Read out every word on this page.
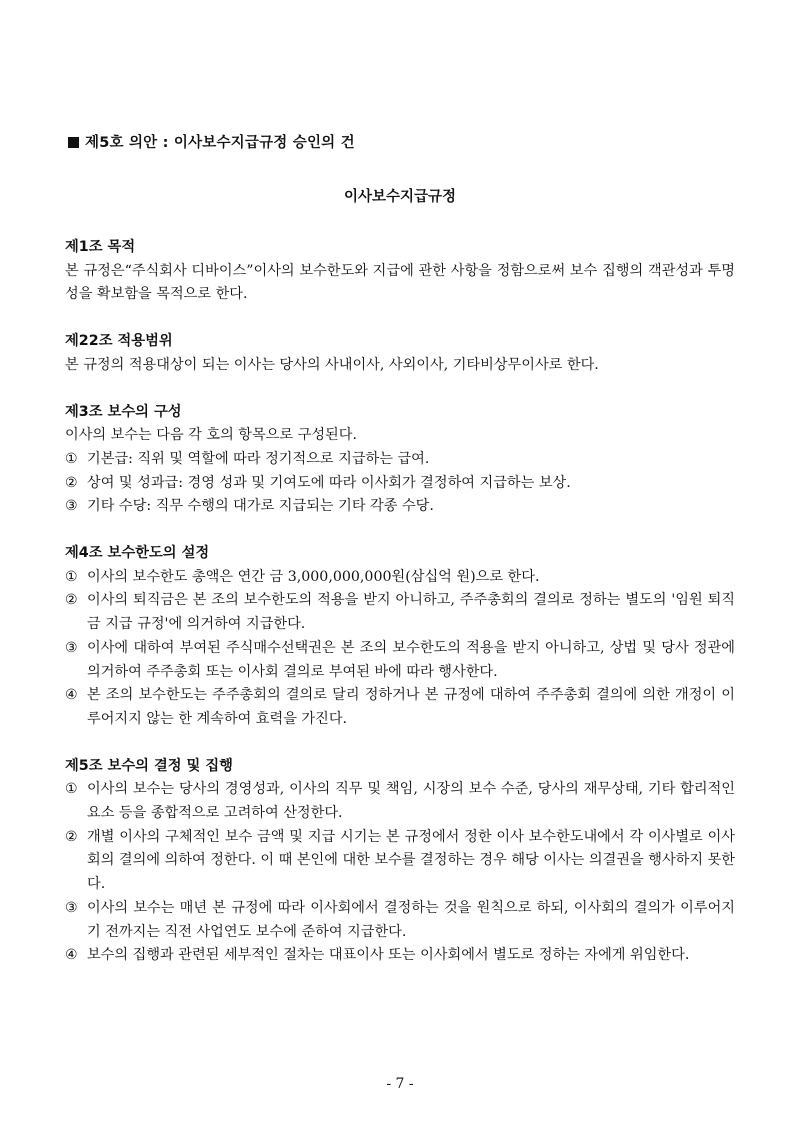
제5호 의안 : 이사보수지급규정 승인의 건
이사보수지급규정
제1조 목적
본 규정은“주식회사 디바이스”이사의 보수한도와 지급에 관한 사항을 정함으로써 보수 집행의 객관성과 투명성을 확보함을 목적으로 한다.
제22조 적용범위
본 규정의 적용대상이 되는 이사는 당사의 사내이사, 사외이사, 기타비상무이사로 한다.
제3조 보수의 구성
이사의 보수는 다음 각 호의 항목으로 구성된다.
① 기본급: 직위 및 역할에 따라 정기적으로 지급하는 급여.
② 상여 및 성과급: 경영 성과 및 기여도에 따라 이사회가 결정하여 지급하는 보상.
③ 기타 수당: 직무 수행의 대가로 지급되는 기타 각종 수당.
제4조 보수한도의 설정
① 이사의 보수한도 총액은 연간 금 3,000,000,000원(삼십억 원)으로 한다.
② 이사의 퇴직금은 본 조의 보수한도의 적용을 받지 아니하고, 주주총회의 결의로 정하는 별도의 '임원 퇴직금 지급 규정'에 의거하여 지급한다.
③ 이사에 대하여 부여된 주식매수선택권은 본 조의 보수한도의 적용을 받지 아니하고, 상법 및 당사 정관에 의거하여 주주총회 또는 이사회 결의로 부여된 바에 따라 행사한다.
④ 본 조의 보수한도는 주주총회의 결의로 달리 정하거나 본 규정에 대하여 주주총회 결의에 의한 개정이 이루어지지 않는 한 계속하여 효력을 가진다.
제5조 보수의 결정 및 집행
① 이사의 보수는 당사의 경영성과, 이사의 직무 및 책임, 시장의 보수 수준, 당사의 재무상태, 기타 합리적인 요소 등을 종합적으로 고려하여 산정한다.
② 개별 이사의 구체적인 보수 금액 및 지급 시기는 본 규정에서 정한 이사 보수한도내에서 각 이사별로 이사회의 결의에 의하여 정한다. 이 때 본인에 대한 보수를 결정하는 경우 해당 이사는 의결권을 행사하지 못한다.
③ 이사의 보수는 매년 본 규정에 따라 이사회에서 결정하는 것을 원칙으로 하되, 이사회의 결의가 이루어지기 전까지는 직전 사업연도 보수에 준하여 지급한다.
④ 보수의 집행과 관련된 세부적인 절차는 대표이사 또는 이사회에서 별도로 정하는 자에게 위임한다.
- 7 -
